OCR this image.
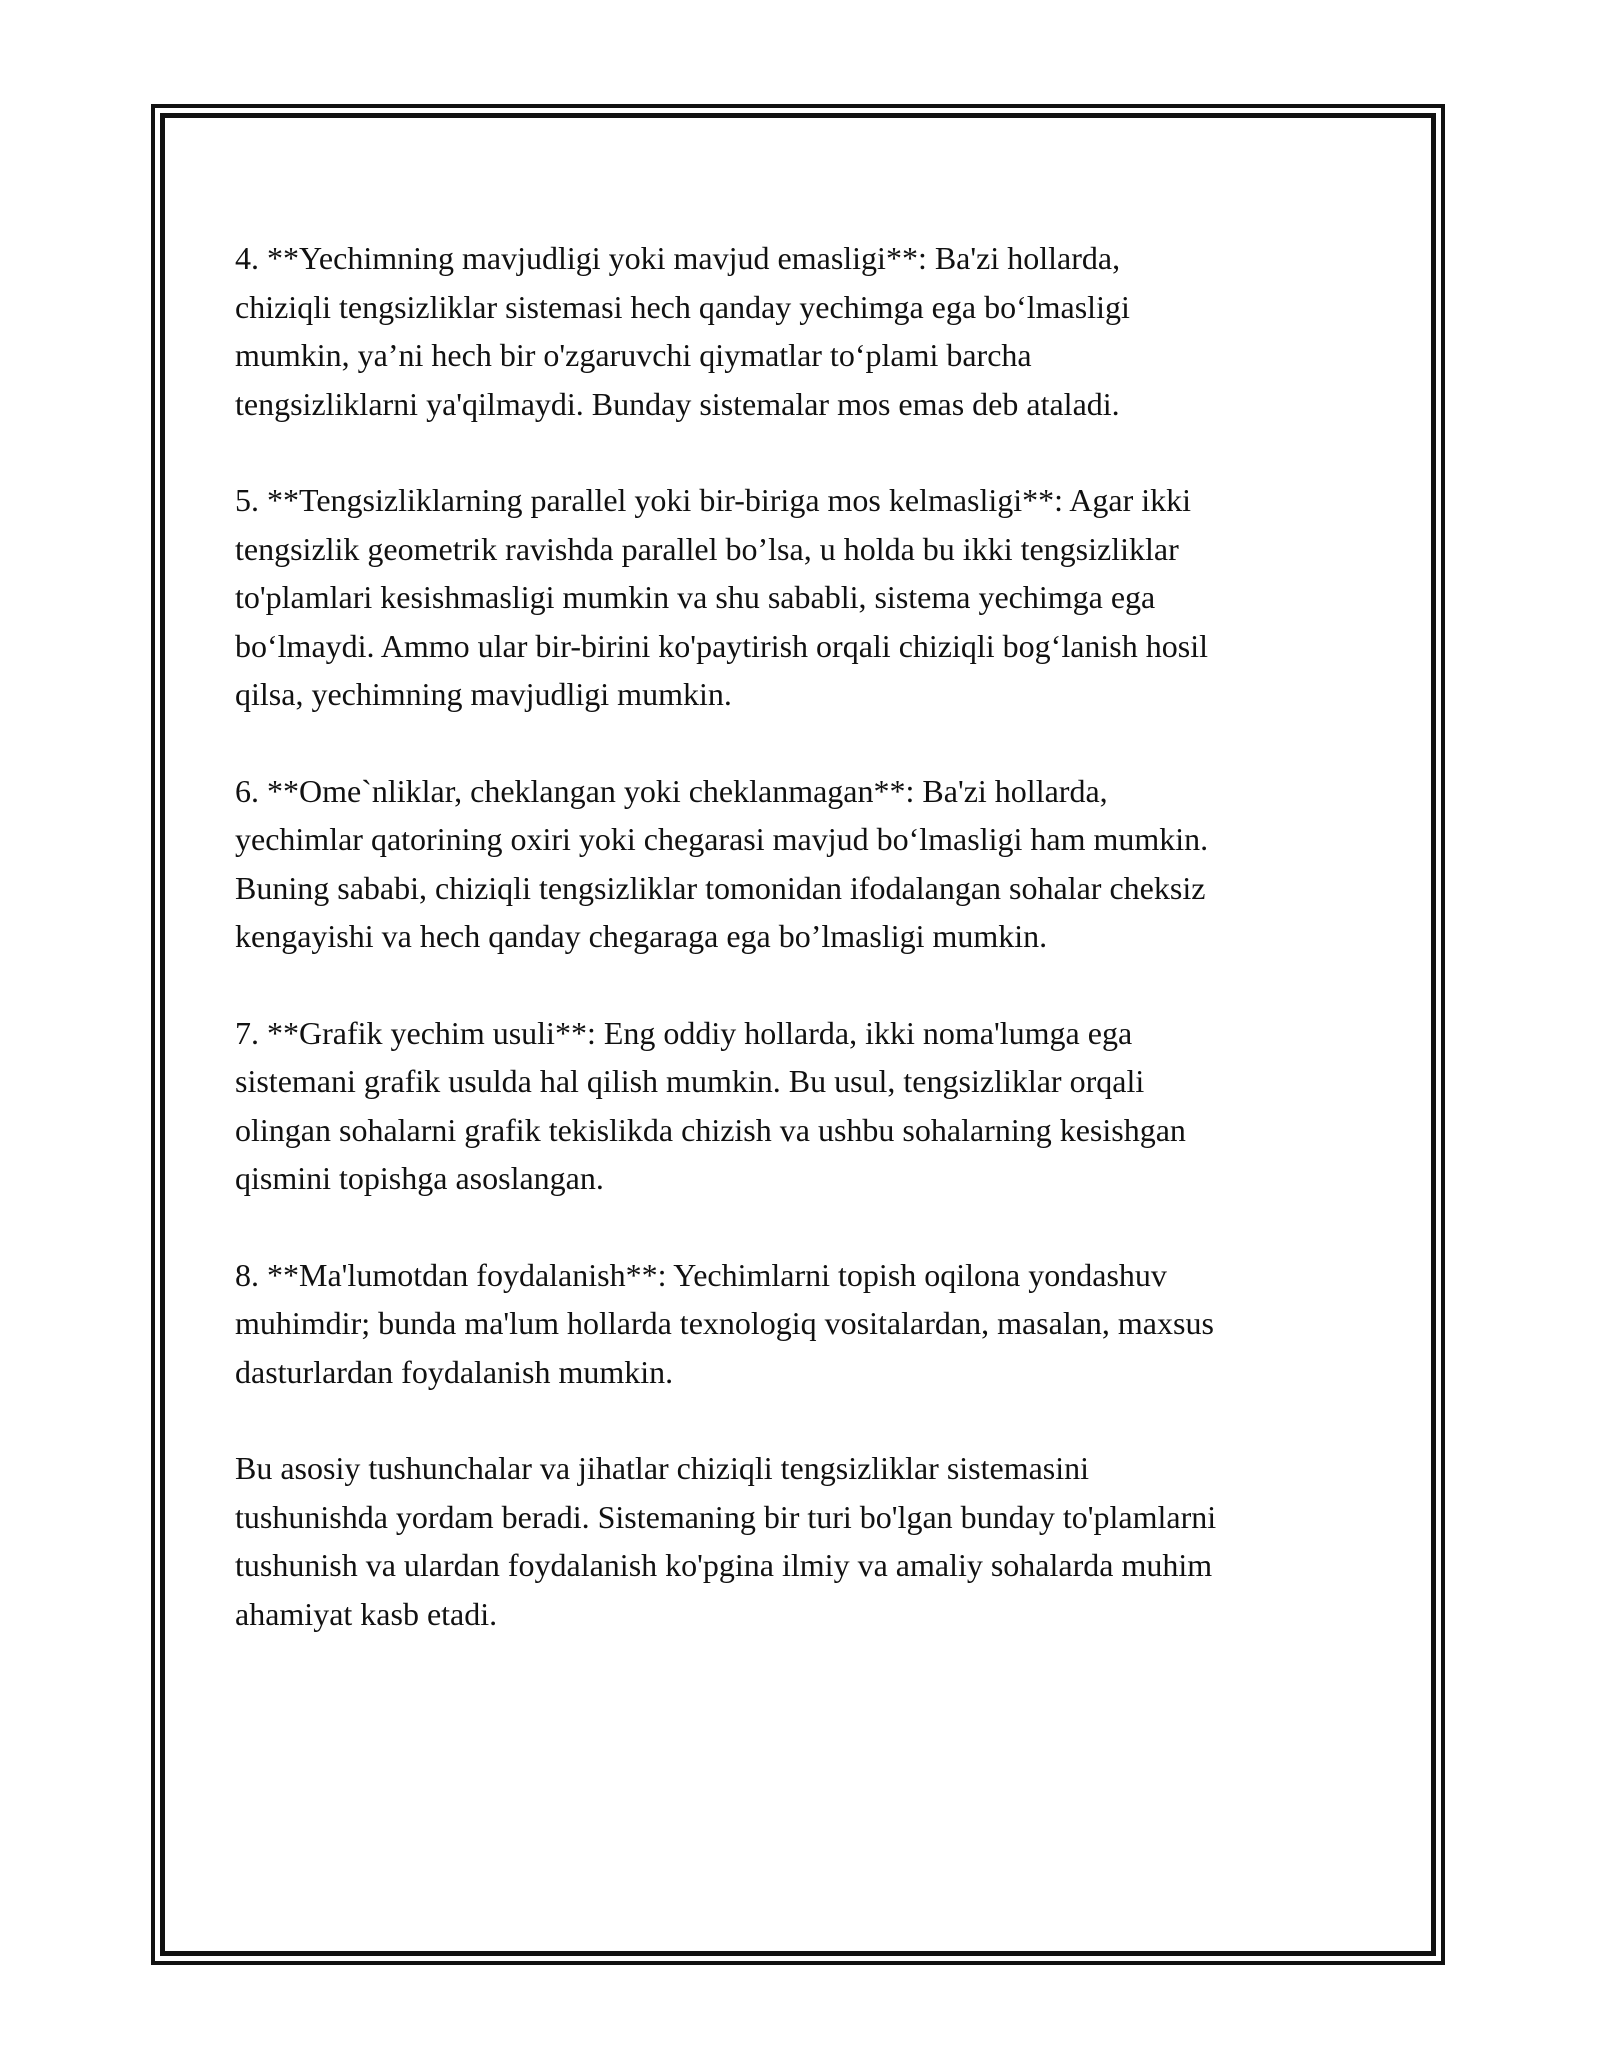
4. **Yechimning mavjudligi yoki mavjud emasligi**: Ba'zi hollarda,
chiziqli tengsizliklar sistemasi hech qanday yechimga ega bo‘lmasligi
mumkin, ya’ni hech bir o'zgaruvchi qiymatlar to‘plami barcha
tengsizliklarni ya'qilmaydi. Bunday sistemalar mos emas deb ataladi.

5. **Tengsizliklarning parallel yoki bir-biriga mos kelmasligi**: Agar ikki
tengsizlik geometrik ravishda parallel bo’lsa, u holda bu ikki tengsizliklar
to'plamlari kesishmasligi mumkin va shu sababli, sistema yechimga ega
bo‘lmaydi. Ammo ular bir-birini ko'paytirish orqali chiziqli bog‘lanish hosil
qilsa, yechimning mavjudligi mumkin.

6. **Ome`nliklar, cheklangan yoki cheklanmagan**: Ba'zi hollarda,
yechimlar qatorining oxiri yoki chegarasi mavjud bo‘lmasligi ham mumkin.
Buning sababi, chiziqli tengsizliklar tomonidan ifodalangan sohalar cheksiz
kengayishi va hech qanday chegaraga ega bo’lmasligi mumkin.

7. **Grafik yechim usuli**: Eng oddiy hollarda, ikki noma'lumga ega
sistemani grafik usulda hal qilish mumkin. Bu usul, tengsizliklar orqali
olingan sohalarni grafik tekislikda chizish va ushbu sohalarning kesishgan
qismini topishga asoslangan.

8. **Ma'lumotdan foydalanish**: Yechimlarni topish oqilona yondashuv
muhimdir; bunda ma'lum hollarda texnologiq vositalardan, masalan, maxsus
dasturlardan foydalanish mumkin.

Bu asosiy tushunchalar va jihatlar chiziqli tengsizliklar sistemasini
tushunishda yordam beradi. Sistemaning bir turi bo'lgan bunday to'plamlarni
tushunish va ulardan foydalanish ko'pgina ilmiy va amaliy sohalarda muhim
ahamiyat kasb etadi.
